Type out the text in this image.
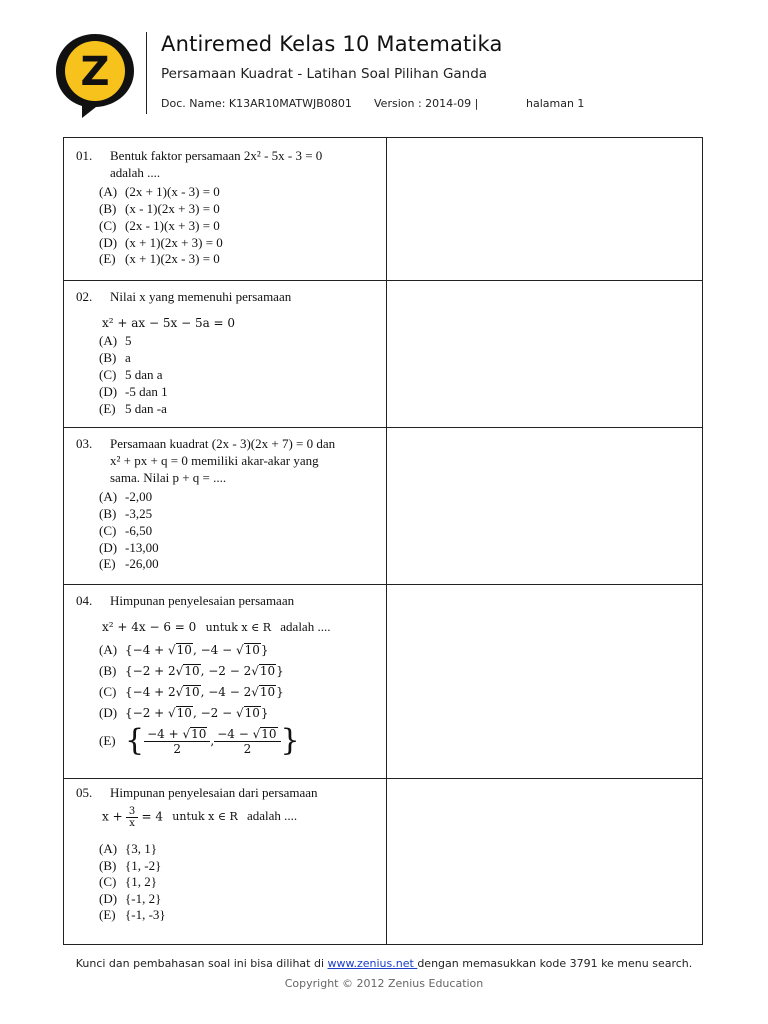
Z
Antiremed Kelas 10 Matematika
Persamaan Kuadrat - Latihan Soal Pilihan Ganda
Doc. Name: K13AR10MATWJB0801 Version : 2014-09 |	halaman 1
01. Bentuk faktor persamaan 2x² - 5x - 3 = 0
adalah ....
(A) (2x + 1)(x - 3) = 0
(B) (x - 1)(2x + 3) = 0
(C) (2x - 1)(x + 3) = 0
(D) (x + 1)(2x + 3) = 0
(E) (x + 1)(2x - 3) = 0
02. Nilai x yang memenuhi persamaan
x² + ax − 5x − 5a = 0
(A) 5
(B) a
(C) 5 dan a
(D) -5 dan 1
(E) 5 dan -a
03. Persamaan kuadrat (2x - 3)(2x + 7) = 0 dan
x² + px + q = 0 memiliki akar-akar yang
sama. Nilai p + q = ....
(A) -2,00
(B) -3,25
(C) -6,50
(D) -13,00
(E) -26,00
04. Himpunan penyelesaian persamaan
x² + 4x − 6 = 0 untuk x ∈ R adalah ....
(A) {−4 + √10, −4 − √10}
(B) {−2 + 2√10, −2 − 2√10}
(C) {−4 + 2√10, −4 − 2√10}
(D) {−2 + √10, −2 − √10}
(E) { $\frac{-4 + √10}{2}$ , $\frac{-4 - √10}{2}$ }
05. Himpunan penyelesaian dari persamaan
$x + \frac{3}{x} = 4$ untuk x ∈ R adalah ....
(A) {3, 1}
(B) {1, -2}
(C) {1, 2}
(D) {-1, 2}
(E) {-1, -3}
Kunci dan pembahasan soal ini bisa dilihat di www.zenius.net dengan memasukkan kode 3791 ke menu search.
Copyright © 2012 Zenius Education
